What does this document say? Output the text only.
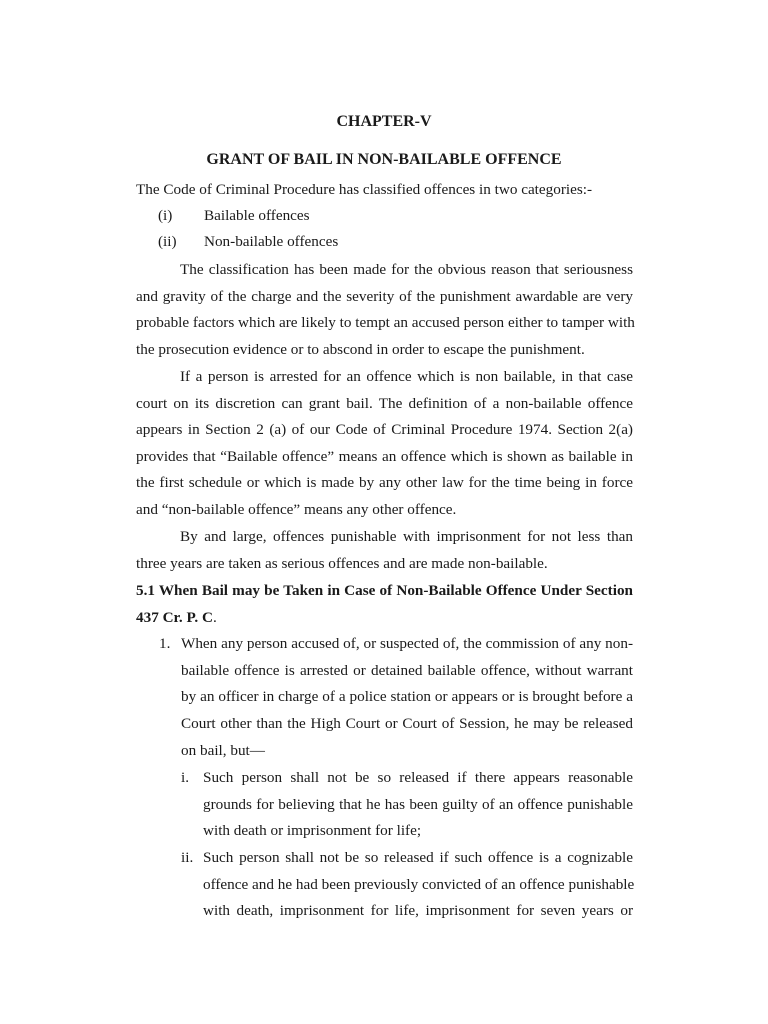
CHAPTER-V

GRANT OF BAIL IN NON-BAILABLE OFFENCE

The Code of Criminal Procedure has classified offences in two categories:-

(i) Bailable offences

(ii) Non-bailable offences

The classification has been made for the obvious reason that seriousness

and gravity of the charge and the severity of the punishment awardable are very

probable factors which are likely to tempt an accused person either to tamper with

the prosecution evidence or to abscond in order to escape the punishment.

If a person is arrested for an offence which is non bailable, in that case

court on its discretion can grant bail. The definition of a non-bailable offence

appears in Section 2 (a) of our Code of Criminal Procedure 1974. Section 2(a)

provides that “Bailable offence” means an offence which is shown as bailable in

the first schedule or which is made by any other law for the time being in force

and “non-bailable offence” means any other offence.

By and large, offences punishable with imprisonment for not less than

three years are taken as serious offences and are made non-bailable.

5.1 When Bail may be Taken in Case of Non-Bailable Offence Under Section

437 Cr. P. C.

1. When any person accused of, or suspected of, the commission of any non-

bailable offence is arrested or detained bailable offence, without warrant

by an officer in charge of a police station or appears or is brought before a

Court other than the High Court or Court of Session, he may be released

on bail, but—

i. Such person shall not be so released if there appears reasonable

grounds for believing that he has been guilty of an offence punishable

with death or imprisonment for life;

ii. Such person shall not be so released if such offence is a cognizable

offence and he had been previously convicted of an offence punishable

with death, imprisonment for life, imprisonment for seven years or
